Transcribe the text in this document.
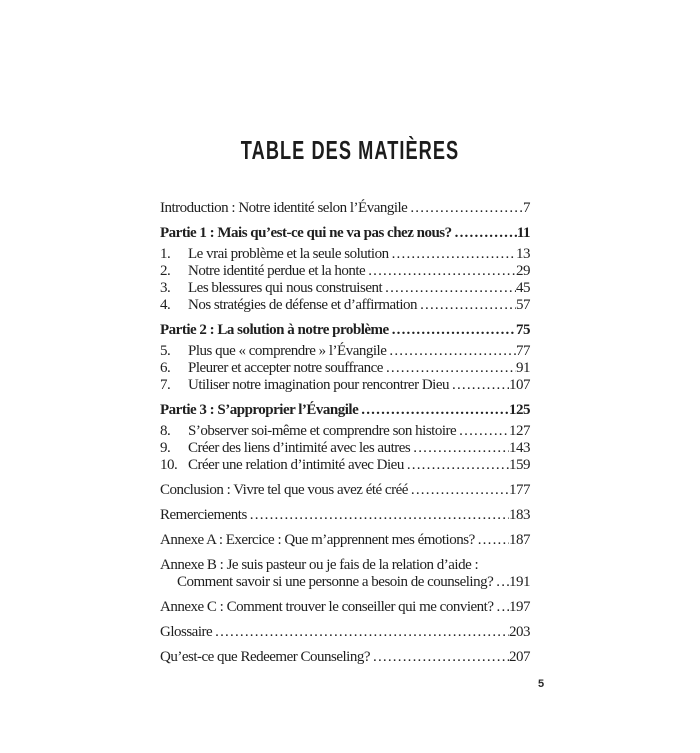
TABLE DES MATIÈRES
Introduction : Notre identité selon l’Évangile .....	7
Partie 1 : Mais qu’est-ce qui ne va pas chez nous? .....	11
1.	Le vrai problème et la seule solution .....	13
2.	Notre identité perdue et la honte .....	29
3.	Les blessures qui nous construisent .....	45
4.	Nos stratégies de défense et d’affirmation .....	57
Partie 2 : La solution à notre problème .....	75
5.	Plus que « comprendre » l’Évangile .....	77
6.	Pleurer et accepter notre souffrance .....	91
7.	Utiliser notre imagination pour rencontrer Dieu .....	107
Partie 3 : S’approprier l’Évangile .....	125
8.	S’observer soi-même et comprendre son histoire .....	127
9.	Créer des liens d’intimité avec les autres .....	143
10. Créer une relation d’intimité avec Dieu .....	159
Conclusion : Vivre tel que vous avez été créé .....	177
Remerciements .....	183
Annexe A : Exercice : Que m’apprennent mes émotions? ..... 187
Annexe B : Je suis pasteur ou je fais de la relation d’aide :
Comment savoir si une personne a besoin de counseling? ..... 191
Annexe C : Comment trouver le conseiller qui me convient? ..... 197
Glossaire .....	203
Qu’est-ce que Redeemer Counseling? .....	207
5
